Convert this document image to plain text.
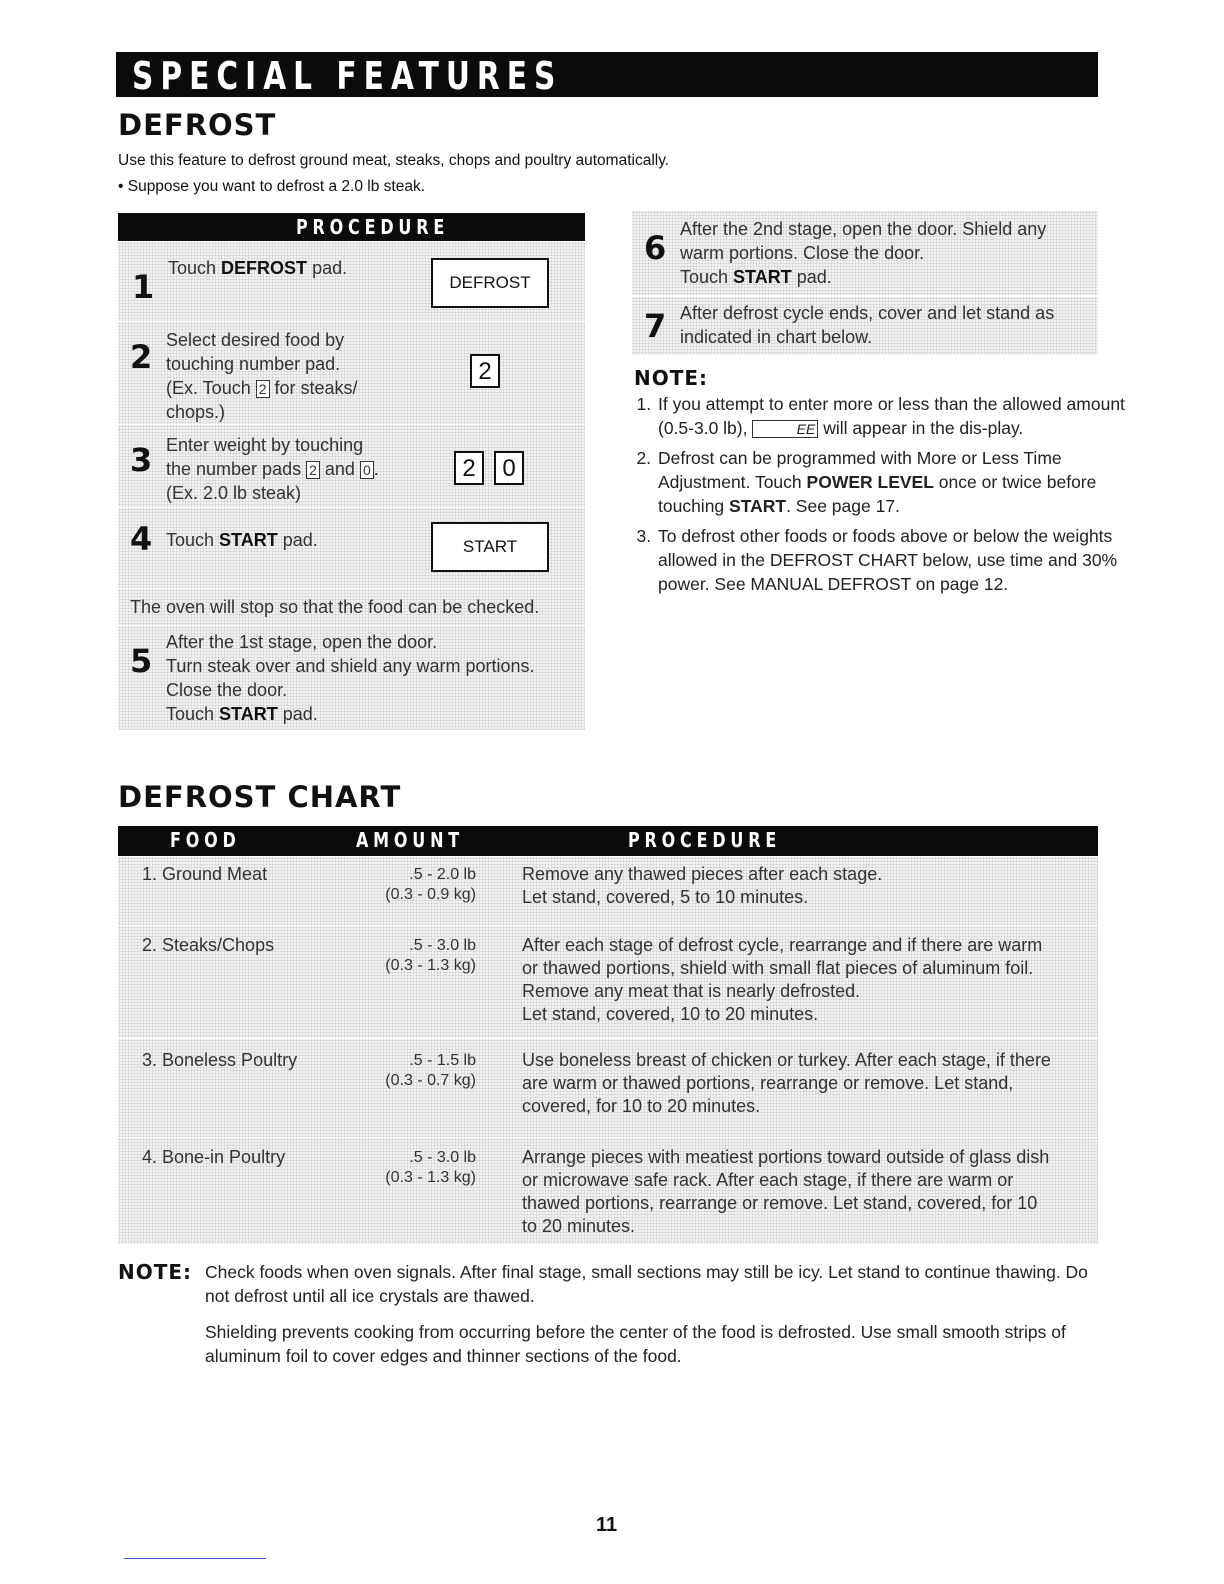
SPECIAL FEATURES
DEFROST
Use this feature to defrost ground meat, steaks, chops and poultry automatically.
• Suppose you want to defrost a 2.0 lb steak.
PROCEDURE
1 Touch DEFROST pad.
DEFROST
2 Select desired food by
touching number pad.
(Ex. Touch 2 for steaks/
chops.)
2
3 Enter weight by touching
the number pads 2 and 0 .
(Ex. 2.0 lb steak)
2	0
4 Touch START pad.	START
The oven will stop so that the food can be checked.
5 After the 1st stage, open the door.
Turn steak over and shield any warm portions.
Close the door.
Touch START pad.
6 After the 2nd stage, open the door. Shield any
warm portions. Close the door.
Touch START pad.
7 After defrost cycle ends, cover and let stand as
indicated in chart below.
NOTE:
1. If you attempt to enter more or less than the allowed amount (0.5-3.0 lb),	EE will appear in the dis-play.
2. Defrost can be programmed with More or Less Time Adjustment. Touch POWER LEVEL once or twice before touching START. See page 17.
3. To defrost other foods or foods above or below the weights allowed in the DEFROST CHART below, use time and 30% power. See MANUAL DEFROST on page 12.
DEFROST CHART
FOOD	AMOUNT	PROCEDURE
1. Ground Meat	.5 - 2.0 lb
(0.3 - 0.9 kg)
Remove any thawed pieces after each stage.
Let stand, covered, 5 to 10 minutes.
2. Steaks/Chops	.5 - 3.0 lb
(0.3 - 1.3 kg)
After each stage of defrost cycle, rearrange and if there are warm
or thawed portions, shield with small flat pieces of aluminum foil.
Remove any meat that is nearly defrosted.
Let stand, covered, 10 to 20 minutes.
3. Boneless Poultry	.5 - 1.5 lb
(0.3 - 0.7 kg)
Use boneless breast of chicken or turkey. After each stage, if there
are warm or thawed portions, rearrange or remove. Let stand,
covered, for 10 to 20 minutes.
4. Bone-in Poultry	.5 - 3.0 lb
(0.3 - 1.3 kg)
Arrange pieces with meatiest portions toward outside of glass dish
or microwave safe rack. After each stage, if there are warm or
thawed portions, rearrange or remove. Let stand, covered, for 10
to 20 minutes.
NOTE: Check foods when oven signals. After final stage, small sections may still be icy. Let stand to continue thawing. Do not defrost until all ice crystals are thawed.
Shielding prevents cooking from occurring before the center of the food is defrosted. Use small smooth strips of aluminum foil to cover edges and thinner sections of the food.
11
